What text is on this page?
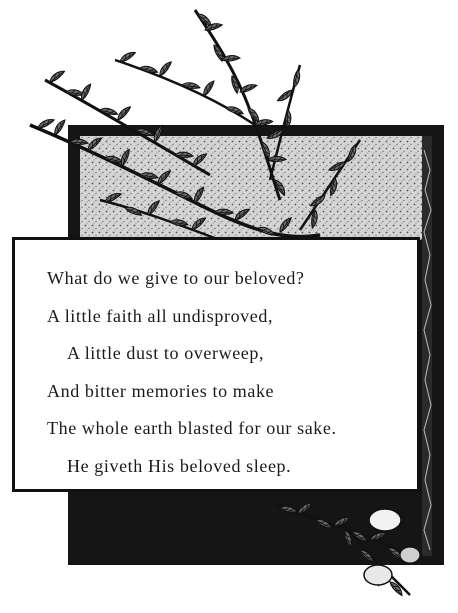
What do we give to our beloved?
A little faith all undisproved,
A little dust to overweep,
And bitter memories to make
The whole earth blasted for our sake.
He giveth His beloved sleep.
